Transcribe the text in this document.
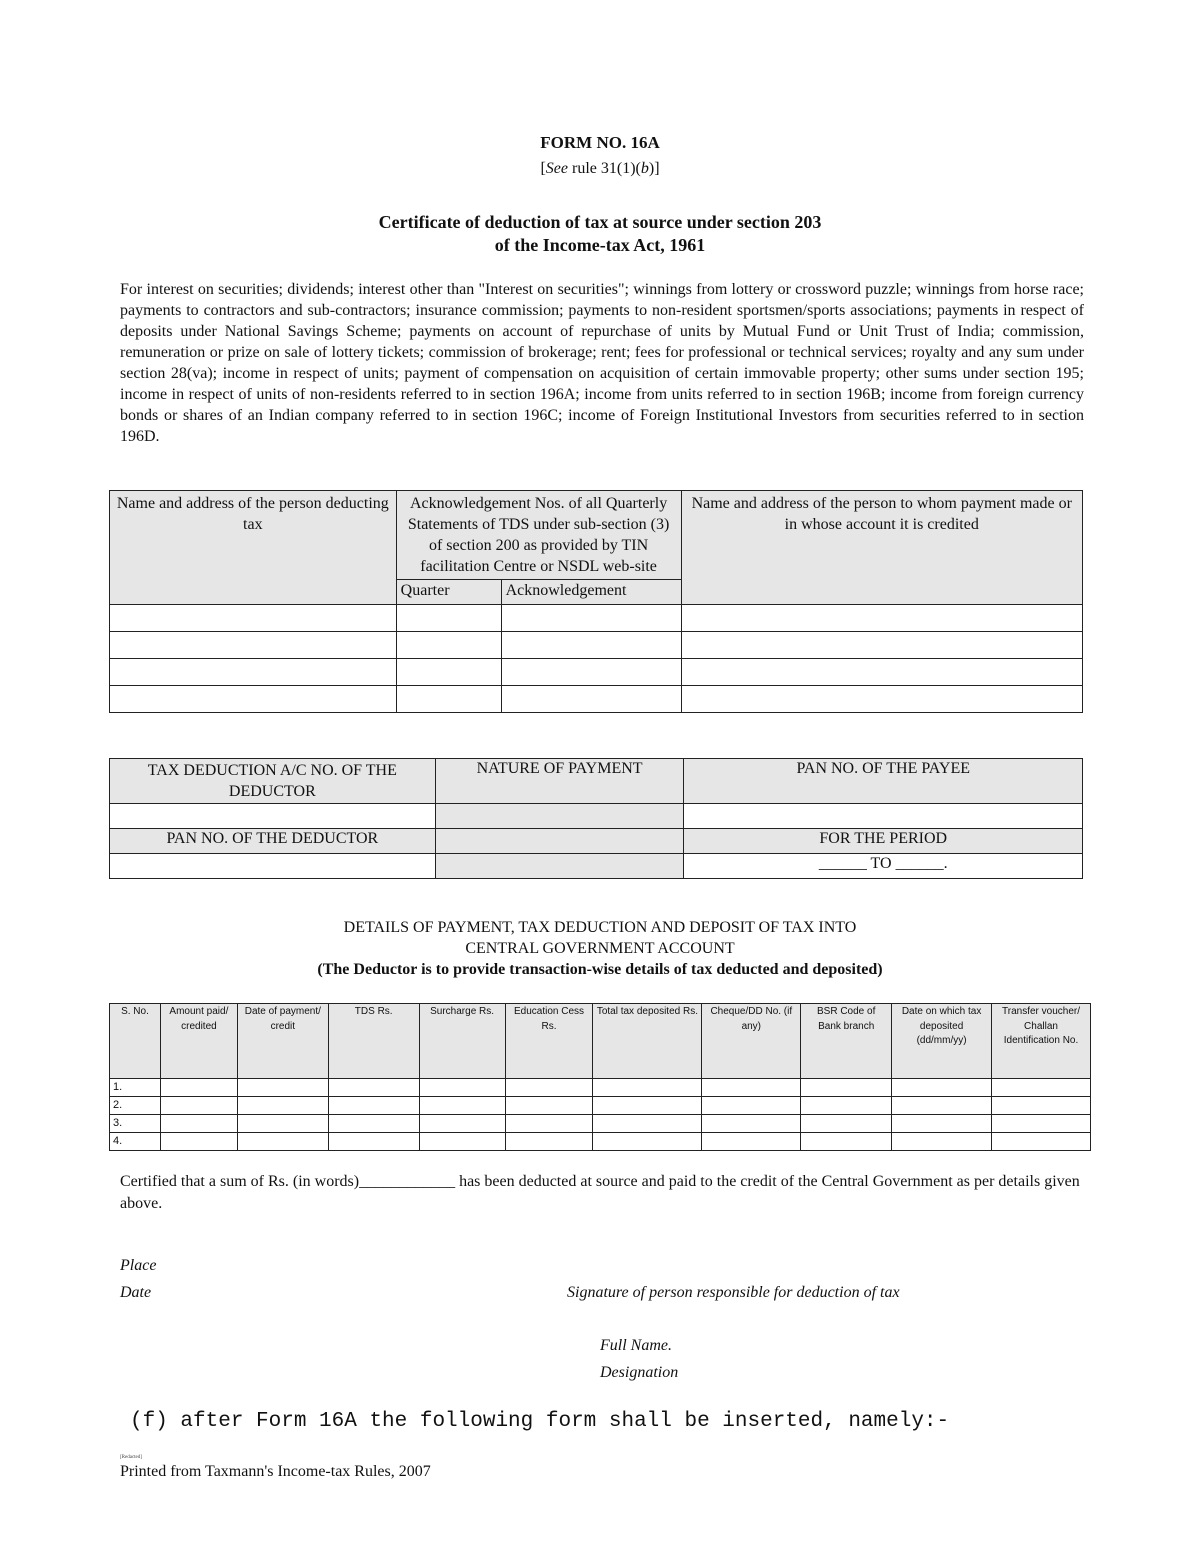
FORM NO. 16A
[See rule 31(1)(b)]
Certificate of deduction of tax at source under section 203
of the Income-tax Act, 1961
For interest on securities; dividends; interest other than "Interest on securities"; winnings from lottery or crossword puzzle; winnings from horse race; payments to contractors and sub-contractors; insurance commission; payments to non-resident sportsmen/sports associations; payments in respect of deposits under National Savings Scheme; payments on account of repurchase of units by Mutual Fund or Unit Trust of India; commission, remuneration or prize on sale of lottery tickets; commission of brokerage; rent; fees for professional or technical services; royalty and any sum under section 28(va); income in respect of units; payment of compensation on acquisition of certain immovable property; other sums under section 195; income in respect of units of non-residents referred to in section 196A; income from units referred to in section 196B; income from foreign currency bonds or shares of an Indian company referred to in section 196C; income of Foreign Institutional Investors from securities referred to in section 196D.
Name and address of the person deducting tax	Acknowledgement Nos. of all Quarterly Statements of TDS under sub-section (3) of section 200 as provided by TIN facilitation Centre or NSDL web-site		Name and address of the person to whom payment made or in whose account it is credited
	Quarter	Acknowledgement	

TAX DEDUCTION A/C NO. OF THE DEDUCTOR	NATURE OF PAYMENT	PAN NO. OF THE PAYEE

PAN NO. OF THE DEDUCTOR		FOR THE PERIOD
		______ TO ______.
DETAILS OF PAYMENT, TAX DEDUCTION AND DEPOSIT OF TAX INTO
CENTRAL GOVERNMENT ACCOUNT
(The Deductor is to provide transaction-wise details of tax deducted and deposited)
S. No.	Amount paid/ credited	Date of payment/ credit	TDS Rs.	Surcharge Rs.	Education Cess Rs.	Total tax deposited Rs.	Cheque/DD No. (if any)	BSR Code of Bank branch	Date on which tax deposited (dd/mm/yy)	Transfer voucher/ Challan Identification No.
1.										
2.										
3.										
4.										
Certified that a sum of Rs. (in words)____________ has been deducted at source and paid to the credit of the Central Government as per details given above.
Place
Date	Signature of person responsible for deduction of tax
Full Name.
Designation
(f) after Form 16A the following form shall be inserted, namely:-
[Redacted]
Printed from Taxmann's Income-tax Rules, 2007
